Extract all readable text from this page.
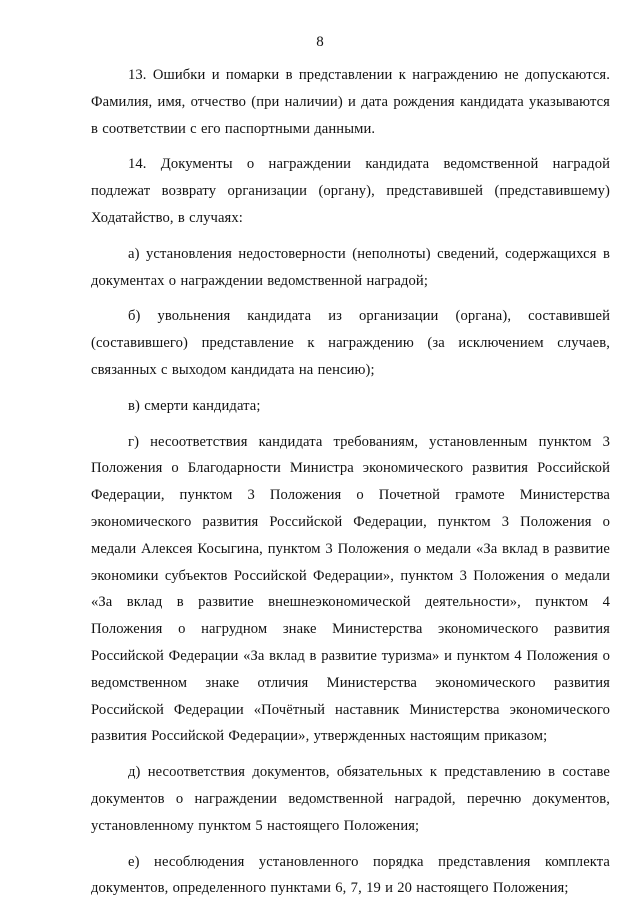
8

13. Ошибки и помарки в представлении к награждению не допускаются. Фамилия, имя, отчество (при наличии) и дата рождения кандидата указываются в соответствии с его паспортными данными.

14. Документы о награждении кандидата ведомственной наградой подлежат возврату организации (органу), представившей (представившему) Ходатайство, в случаях:

а) установления недостоверности (неполноты) сведений, содержащихся в документах о награждении ведомственной наградой;

б) увольнения кандидата из организации (органа), составившей (составившего) представление к награждению (за исключением случаев, связанных с выходом кандидата на пенсию);

в) смерти кандидата;

г) несоответствия кандидата требованиям, установленным пунктом 3 Положения о Благодарности Министра экономического развития Российской Федерации, пунктом 3 Положения о Почетной грамоте Министерства экономического развития Российской Федерации, пунктом 3 Положения о медали Алексея Косыгина, пунктом 3 Положения о медали «За вклад в развитие экономики субъектов Российской Федерации», пунктом 3 Положения о медали «За вклад в развитие внешнеэкономической деятельности», пунктом 4 Положения о нагрудном знаке Министерства экономического развития Российской Федерации «За вклад в развитие туризма» и пунктом 4 Положения о ведомственном знаке отличия Министерства экономического развития Российской Федерации «Почётный наставник Министерства экономического развития Российской Федерации», утвержденных настоящим приказом;

д) несоответствия документов, обязательных к представлению в составе документов о награждении ведомственной наградой, перечню документов, установленному пунктом 5 настоящего Положения;

е) несоблюдения установленного порядка представления комплекта документов, определенного пунктами 6, 7, 19 и 20 настоящего Положения;
